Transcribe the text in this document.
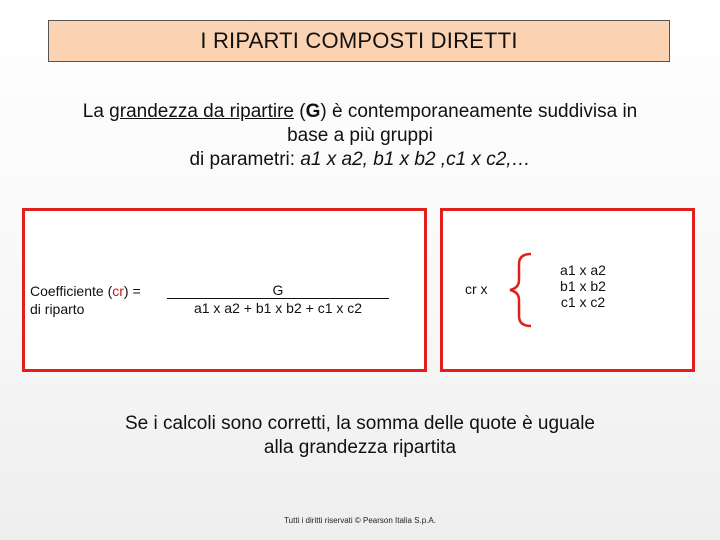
I RIPARTI COMPOSTI DIRETTI
La grandezza da ripartire (G) è contemporaneamente suddivisa in
base a più gruppi
di parametri: a1 x a2, b1 x b2 ,c1 x c2,…
Coefficiente (cr) =
di riparto
G
a1 x a2 + b1 x b2 + c1 x c2
cr x
a1 x a2
b1 x b2
c1 x c2
Se i calcoli sono corretti, la somma delle quote è uguale
alla grandezza ripartita
Tutti i diritti riservati © Pearson Italia S.p.A.
